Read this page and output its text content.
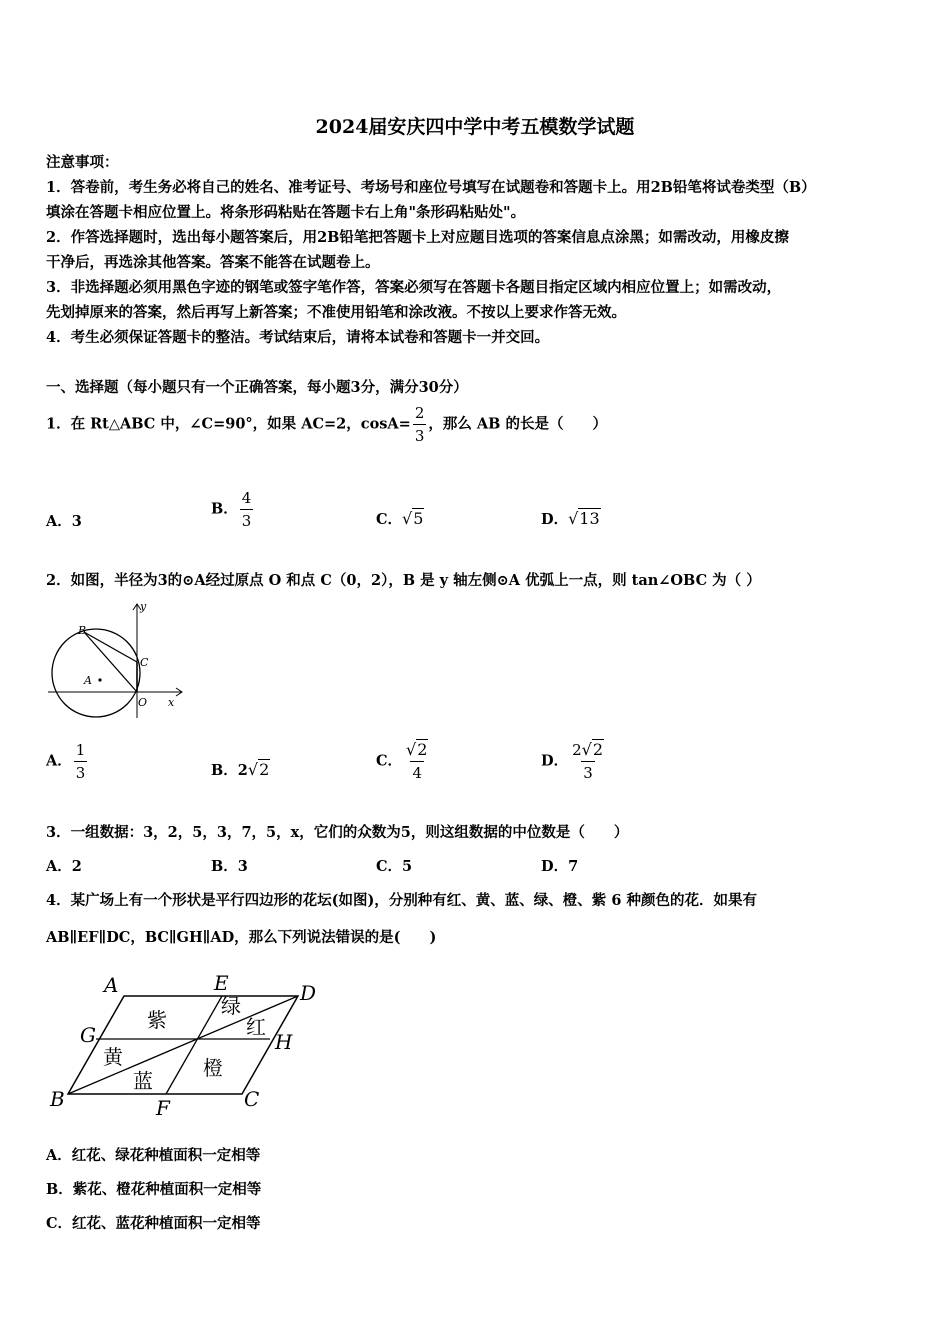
2024届安庆四中学中考五模数学试题
注意事项：
1．答卷前，考生务必将自己的姓名、准考证号、考场号和座位号填写在试题卷和答题卡上。用2B铅笔将试卷类型（B）
填涂在答题卡相应位置上。将条形码粘贴在答题卡右上角"条形码粘贴处"。
2．作答选择题时，选出每小题答案后，用2B铅笔把答题卡上对应题目选项的答案信息点涂黑；如需改动，用橡皮擦
干净后，再选涂其他答案。答案不能答在试题卷上。
3．非选择题必须用黑色字迹的钢笔或签字笔作答，答案必须写在答题卡各题目指定区域内相应位置上；如需改动，
先划掉原来的答案，然后再写上新答案；不准使用铅笔和涂改液。不按以上要求作答无效。
4．考生必须保证答题卡的整洁。考试结束后，请将本试卷和答题卡一并交回。
一、选择题（每小题只有一个正确答案，每小题3分，满分30分）
1．在 Rt△ABC 中，∠C=90°，如果 AC=2，$\cos A= \frac{2}{3}$ ，那么 AB 的长是（　　）
A．3
B． $\frac{4}{3}$	C．√5	D．√13
2．如图，半径为3的⊙A经过原点 O 和点 C（0，2），B 是 y 轴左侧⊙A 优弧上一点，则 tan∠OBC 为（ ）
y
x
B
C
A
O
A． $\frac{1}{3}$	B．2√2	C． $\frac{√2}{4}$	D． $\frac{2√2}{3}$
3．一组数据：3，2，5，3，7，5，x，它们的众数为5，则这组数据的中位数是（　　）
A．2	B．3	C．5	D．7
4．某广场上有一个形状是平行四边形的花坛(如图)，分别种有红、黄、蓝、绿、橙、紫 6 种颜色的花．如果有
AB∥EF∥DC，BC∥GH∥AD，那么下列说法错误的是(　　)
A	E	D
G	H
B	F	C
紫
绿
红
黄	橙
蓝
A．红花、绿花种植面积一定相等
B．紫花、橙花种植面积一定相等
C．红花、蓝花种植面积一定相等
